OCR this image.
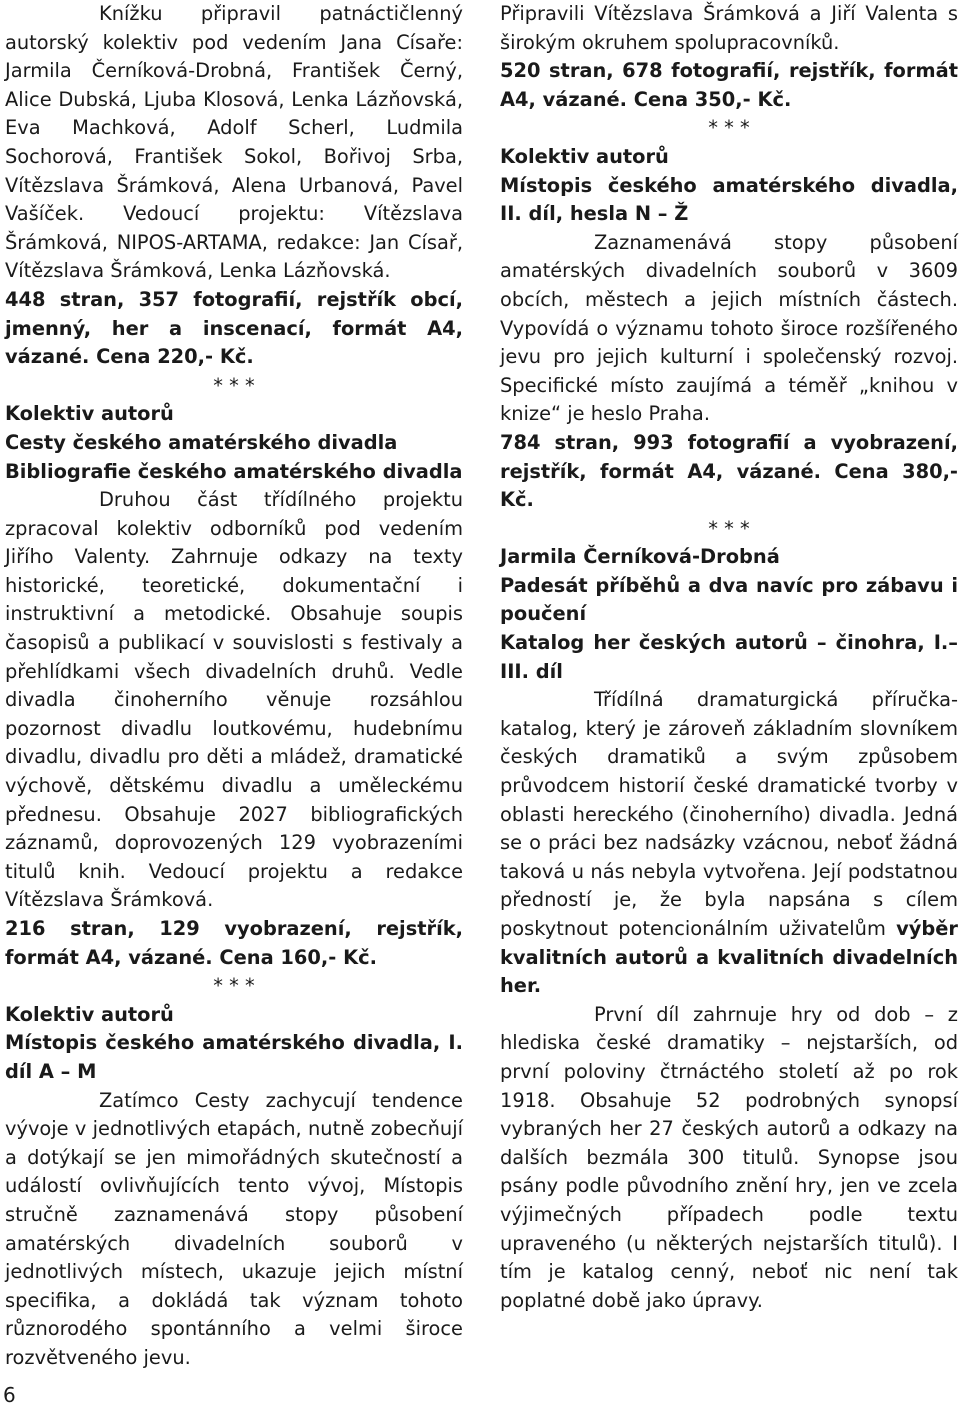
Knížku připravil patnáctičlenný autorský kolektiv pod vedením Jana Císaře: Jarmila Černíková-Drobná, František Černý, Alice Dubská, Ljuba Klosová, Lenka Lázňovská, Eva Machková, Adolf Scherl, Ludmila Sochorová, František Sokol, Bořivoj Srba, Vítězslava Šrámková, Alena Urbanová, Pavel Vašíček. Vedoucí projektu: Vítězslava Šrámková, NIPOS-ARTAMA, redakce: Jan Císař, Vítězslava Šrámková, Lenka Lázňovská.

448 stran, 357 fotografií, rejstřík obcí, jmenný, her a inscenací, formát A4, vázané. Cena 220,- Kč.

* * *

Kolektiv autorů

Cesty českého amatérského divadla

Bibliografie českého amatérského divadla

Druhou část třídílného projektu zpracoval kolektiv odborníků pod vedením Jiřího Valenty. Zahrnuje odkazy na texty historické, teoretické, dokumentační i instruktivní a metodické. Obsahuje soupis časopisů a publikací v souvislosti s festivaly a přehlídkami všech divadelních druhů. Vedle divadla činoherního věnuje rozsáhlou pozornost divadlu loutkovému, hudebnímu divadlu, divadlu pro děti a mládež, dramatické výchově, dětskému divadlu a uměleckému přednesu. Obsahuje 2027 bibliografických záznamů, doprovozených 129 vyobrazeními titulů knih. Vedoucí projektu a redakce Vítězslava Šrámková.

216 stran, 129 vyobrazení, rejstřík, formát A4, vázané. Cena 160,- Kč.

* * *

Kolektiv autorů

Místopis českého amatérského divadla, I. díl A – M

Zatímco Cesty zachycují tendence vývoje v jednotlivých etapách, nutně zobecňují a dotýkají se jen mimořádných skutečností a událostí ovlivňujících tento vývoj, Místopis stručně zaznamenává stopy působení amatérských divadelních souborů v jednotlivých místech, ukazuje jejich místní specifika, a dokládá tak význam tohoto různorodého spontánního a velmi široce rozvětveného jevu.

Připravili Vítězslava Šrámková a Jiří Valenta s širokým okruhem spolupracovníků.

520 stran, 678 fotografií, rejstřík, formát A4, vázané. Cena 350,- Kč.

* * *

Kolektiv autorů

Místopis českého amatérského divadla, II. díl, hesla N – Ž

Zaznamenává stopy působení amatérských divadelních souborů v 3609 obcích, městech a jejich místních částech. Vypovídá o významu tohoto široce rozšířeného jevu pro jejich kulturní i společenský rozvoj. Specifické místo zaujímá a téměř „knihou v knize“ je heslo Praha.

784 stran, 993 fotografií a vyobrazení, rejstřík, formát A4, vázané. Cena 380,- Kč.

* * *

Jarmila Černíková-Drobná

Padesát příběhů a dva navíc pro zábavu i poučení

Katalog her českých autorů – činohra, I.–III. díl

Třídílná dramaturgická příručka-katalog, který je zároveň základním slovníkem českých dramatiků a svým způsobem průvodcem historií české dramatické tvorby v oblasti hereckého (činoherního) divadla. Jedná se o práci bez nadsázky vzácnou, neboť žádná taková u nás nebyla vytvořena. Její podstatnou předností je, že byla napsána s cílem poskytnout potencionálním uživatelům výběr kvalitních autorů a kvalitních divadelních her.

První díl zahrnuje hry od dob – z hlediska české dramatiky – nejstarších, od první poloviny čtrnáctého století až po rok 1918. Obsahuje 52 podrobných synopsí vybraných her 27 českých autorů a odkazy na dalších bezmála 300 titulů. Synopse jsou psány podle původního znění hry, jen ve zcela výjimečných případech podle textu upraveného (u některých nejstarších titulů). I tím je katalog cenný, neboť nic není tak poplatné době jako úpravy.

6
